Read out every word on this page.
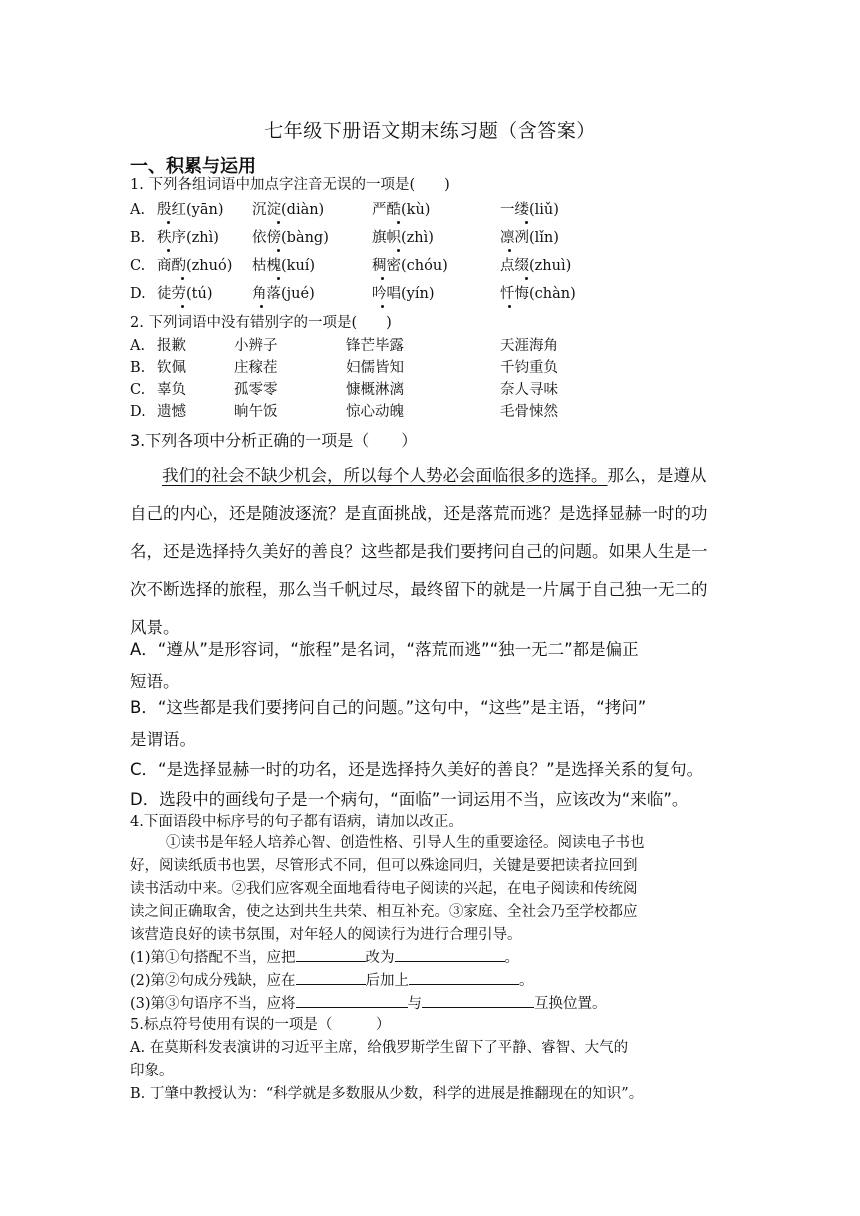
七年级下册语文期末练习题（含答案）
一、积累与运用
1. 下列各组词语中加点字注音无误的一项是(　　)
A. 殷红(yān) 沉淀(diàn)	严酷(kù)	一缕(liǔ)
B. 秩序(zhì) 依傍(bàng)	旗帜(zhì)	凛冽(lǐn)
C. 商酌(zhuó) 枯槐(kuí)	稠密(chóu)	点缀(zhuì)
D. 徒劳(tú)	角落(jué)	吟唱(yín)	忏悔(chàn)
2. 下列词语中没有错别字的一项是(　　)
A. 报歉	小辨子	锋芒毕露	天涯海角
B. 钦佩	庄稼茬	妇儒皆知	千钧重负
C. 辜负	孤零零	慷概淋漓	奈人寻味
D. 遗憾	晌午饭	惊心动魄	毛骨悚然
3.下列各项中分析正确的一项是（　　）
我们的社会不缺少机会，所以每个人势必会面临很多的选择。那么，是遵从
自己的内心，还是随波逐流？是直面挑战，还是落荒而逃？是选择显赫一时的功
名，还是选择持久美好的善良？这些都是我们要拷问自己的问题。如果人生是一
次不断选择的旅程，那么当千帆过尽，最终留下的就是一片属于自己独一无二的
风景。
A．“遵从”是形容词，“旅程”是名词，“落荒而逃”“独一无二”都是偏正
短语。
B．“这些都是我们要拷问自己的问题。”这句中，“这些”是主语，“拷问”
是谓语。
C．“是选择显赫一时的功名，还是选择持久美好的善良？”是选择关系的复句。
D．选段中的画线句子是一个病句，“面临”一词运用不当，应该改为“来临”。
4.下面语段中标序号的句子都有语病，请加以改正。
①读书是年轻人培养心智、创造性格、引导人生的重要途径。阅读电子书也
好，阅读纸质书也罢，尽管形式不同，但可以殊途同归，关键是要把读者拉回到
读书活动中来。②我们应客观全面地看待电子阅读的兴起，在电子阅读和传统阅
读之间正确取舍，使之达到共生共荣、相互补充。③家庭、全社会乃至学校都应
该营造良好的读书氛围，对年轻人的阅读行为进行合理引导。
(1)第①句搭配不当，应把	改为	。
(2)第②句成分残缺，应在	后加上	。
(3)第③句语序不当，应将	与	互换位置。
5.标点符号使用有误的一项是（　　　）
A. 在莫斯科发表演讲的习近平主席，给俄罗斯学生留下了平静、睿智、大气的
印象。
B. 丁肇中教授认为：“科学就是多数服从少数，科学的进展是推翻现在的知识”。
